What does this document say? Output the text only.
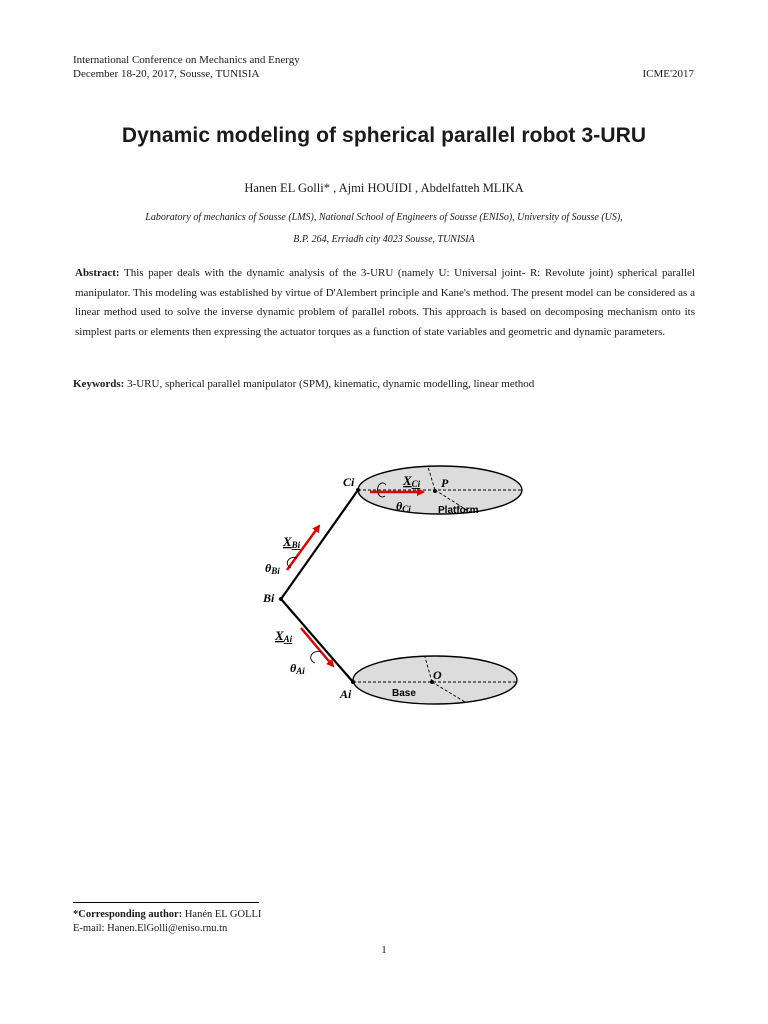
International Conference on Mechanics and Energy
December 18-20, 2017, Sousse, TUNISIA	ICME'2017
Dynamic modeling of spherical parallel robot 3-URU
Hanen EL Golli* , Ajmi HOUIDI , Abdelfatteh MLIKA
Laboratory of mechanics of Sousse (LMS), National School of Engineers of Sousse (ENISo), University of Sousse (US),
B.P. 264, Erriadh city 4023 Sousse, TUNISIA
Abstract: This paper deals with the dynamic analysis of the 3-URU (namely U: Universal joint- R: Revolute joint) spherical parallel manipulator. This modeling was established by virtue of D'Alembert principle and Kane's method. The present model can be considered as a linear method used to solve the inverse dynamic problem of parallel robots. This approach is based on decomposing mechanism onto its simplest parts or elements then expressing the actuator torques as a function of state variables and geometric and dynamic parameters.
Keywords: 3-URU, spherical parallel manipulator (SPM), kinematic, dynamic modelling, linear method
Ci	XCi P
θCi	Platform
XBi
θBi
Bi
XAi
θAi	O
Base
Ai
*Corresponding author: Hanén EL GOLLI
E-mail: Hanen.ElGolli@eniso.rnu.tn
1
